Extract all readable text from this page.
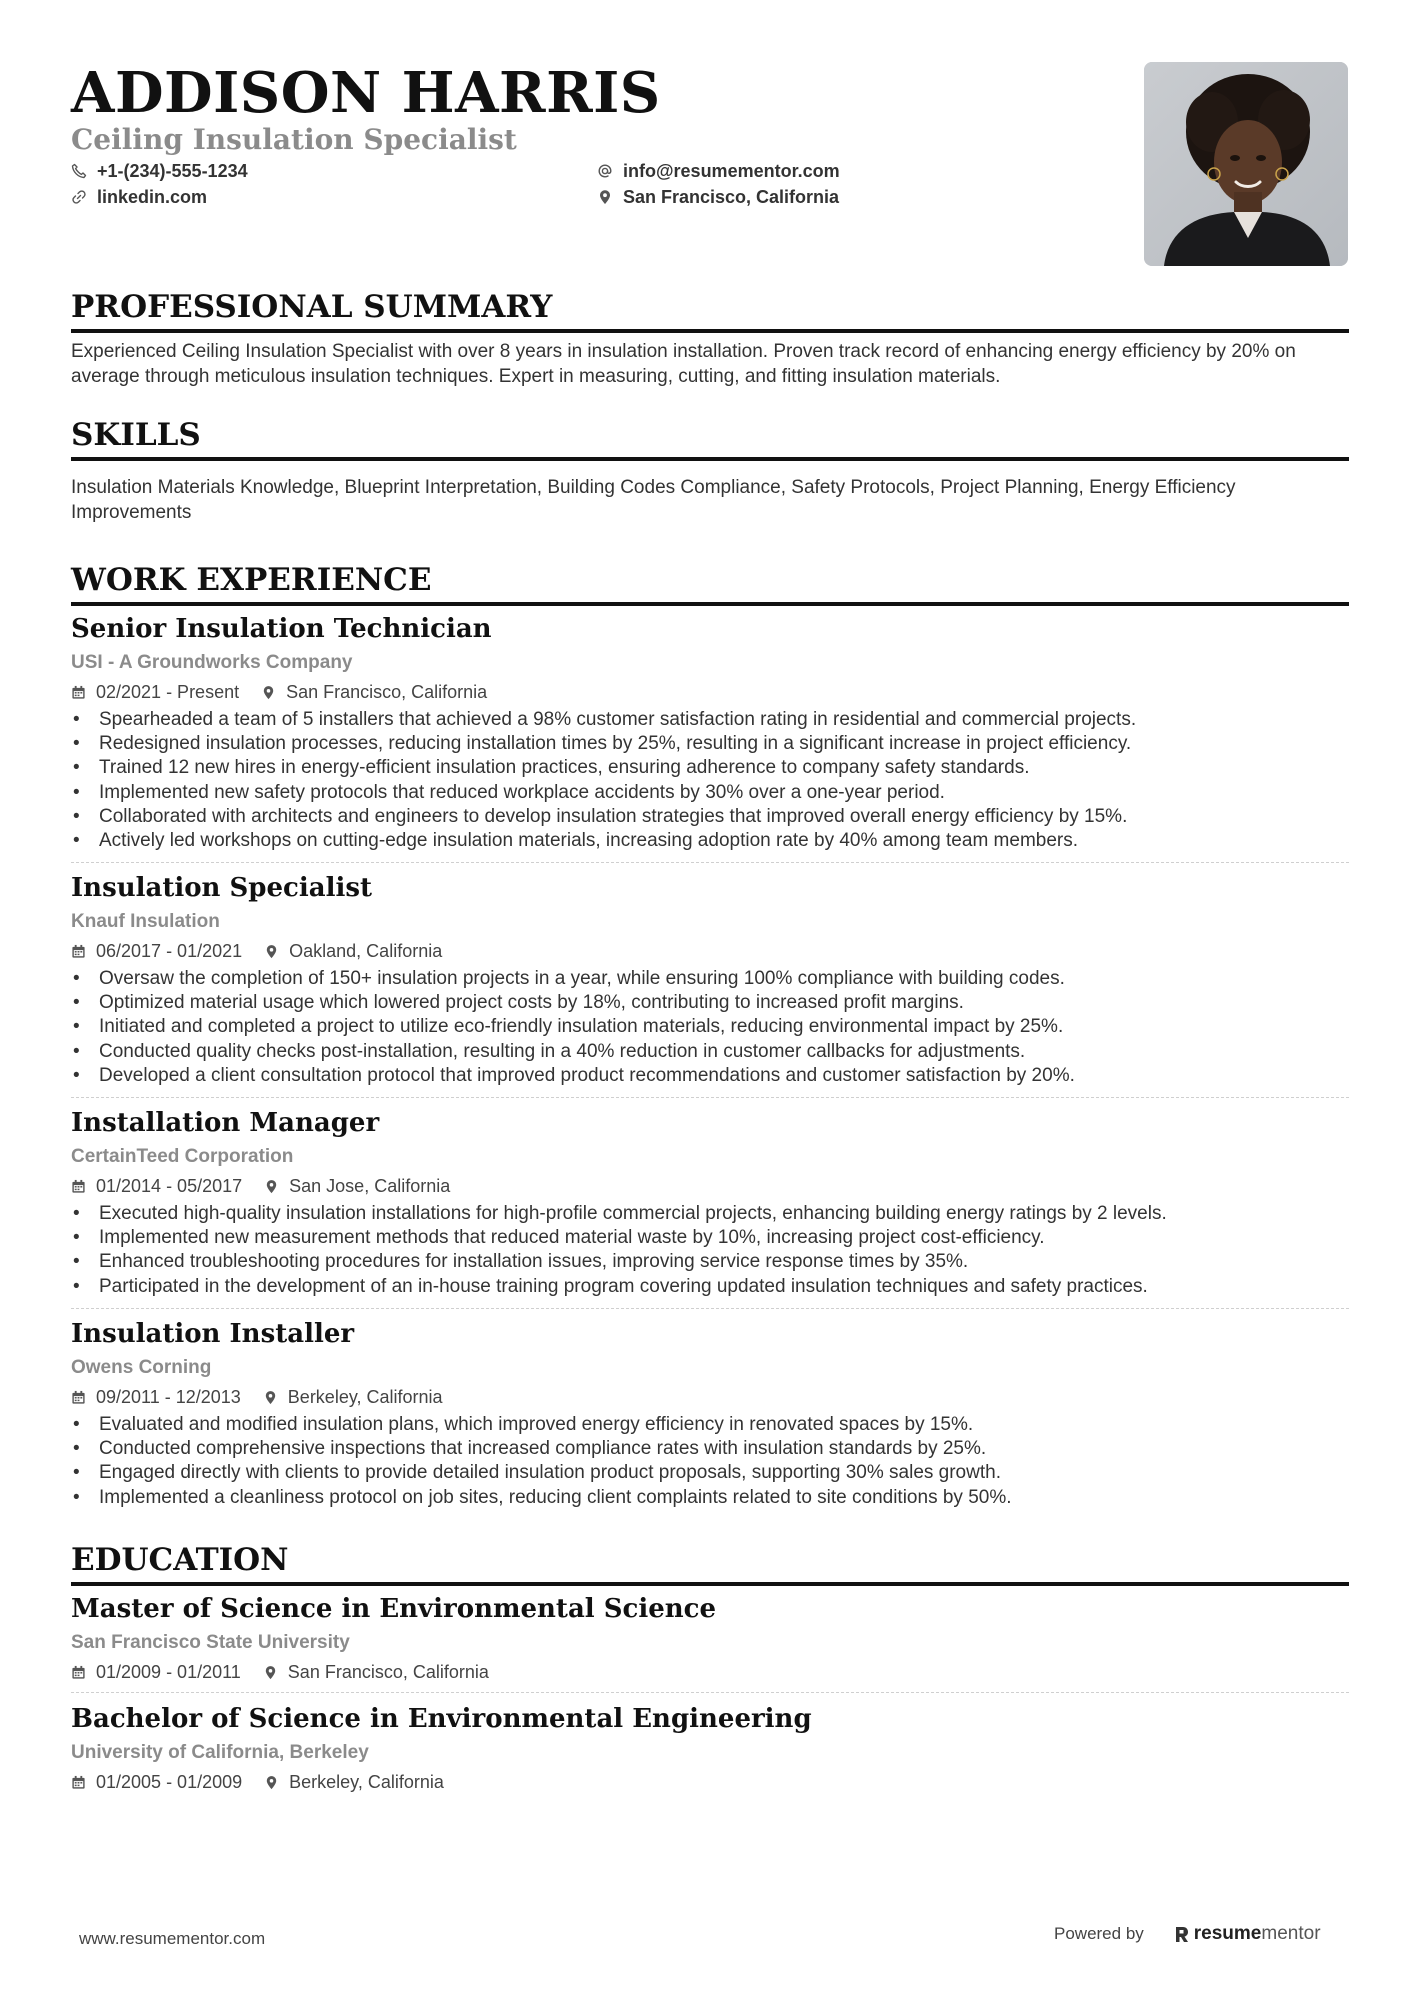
ADDISON HARRIS
Ceiling Insulation Specialist
+1-(234)-555-1234
linkedin.com
info@resumementor.com
San Francisco, California
PROFESSIONAL SUMMARY

Experienced Ceiling Insulation Specialist with over 8 years in insulation installation. Proven track record of enhancing energy efficiency by 20% on average through meticulous insulation techniques. Expert in measuring, cutting, and fitting insulation materials.

SKILLS

Insulation Materials Knowledge, Blueprint Interpretation, Building Codes Compliance, Safety Protocols, Project Planning, Energy Efficiency Improvements

WORK EXPERIENCE
Senior Insulation Technician
USI - A Groundworks Company
02/2021 - Present	San Francisco, California
• Spearheaded a team of 5 installers that achieved a 98% customer satisfaction rating in residential and commercial projects.
• Redesigned insulation processes, reducing installation times by 25%, resulting in a significant increase in project efficiency.
• Trained 12 new hires in energy-efficient insulation practices, ensuring adherence to company safety standards.
• Implemented new safety protocols that reduced workplace accidents by 30% over a one-year period.
• Collaborated with architects and engineers to develop insulation strategies that improved overall energy efficiency by 15%.
• Actively led workshops on cutting-edge insulation materials, increasing adoption rate by 40% among team members.
Insulation Specialist
Knauf Insulation
06/2017 - 01/2021	Oakland, California
• Oversaw the completion of 150+ insulation projects in a year, while ensuring 100% compliance with building codes.
• Optimized material usage which lowered project costs by 18%, contributing to increased profit margins.
• Initiated and completed a project to utilize eco-friendly insulation materials, reducing environmental impact by 25%.
• Conducted quality checks post-installation, resulting in a 40% reduction in customer callbacks for adjustments.
• Developed a client consultation protocol that improved product recommendations and customer satisfaction by 20%.
Installation Manager
CertainTeed Corporation
01/2014 - 05/2017	San Jose, California
• Executed high-quality insulation installations for high-profile commercial projects, enhancing building energy ratings by 2 levels.
• Implemented new measurement methods that reduced material waste by 10%, increasing project cost-efficiency.
• Enhanced troubleshooting procedures for installation issues, improving service response times by 35%.
• Participated in the development of an in-house training program covering updated insulation techniques and safety practices.
Insulation Installer
Owens Corning
09/2011 - 12/2013	Berkeley, California
• Evaluated and modified insulation plans, which improved energy efficiency in renovated spaces by 15%.
• Conducted comprehensive inspections that increased compliance rates with insulation standards by 25%.
• Engaged directly with clients to provide detailed insulation product proposals, supporting 30% sales growth.
• Implemented a cleanliness protocol on job sites, reducing client complaints related to site conditions by 50%.
EDUCATION
Master of Science in Environmental Science
San Francisco State University
01/2009 - 01/2011	San Francisco, California
Bachelor of Science in Environmental Engineering
University of California, Berkeley
01/2005 - 01/2009	Berkeley, California
www.resumementor.com	Powered by	resume mentor
